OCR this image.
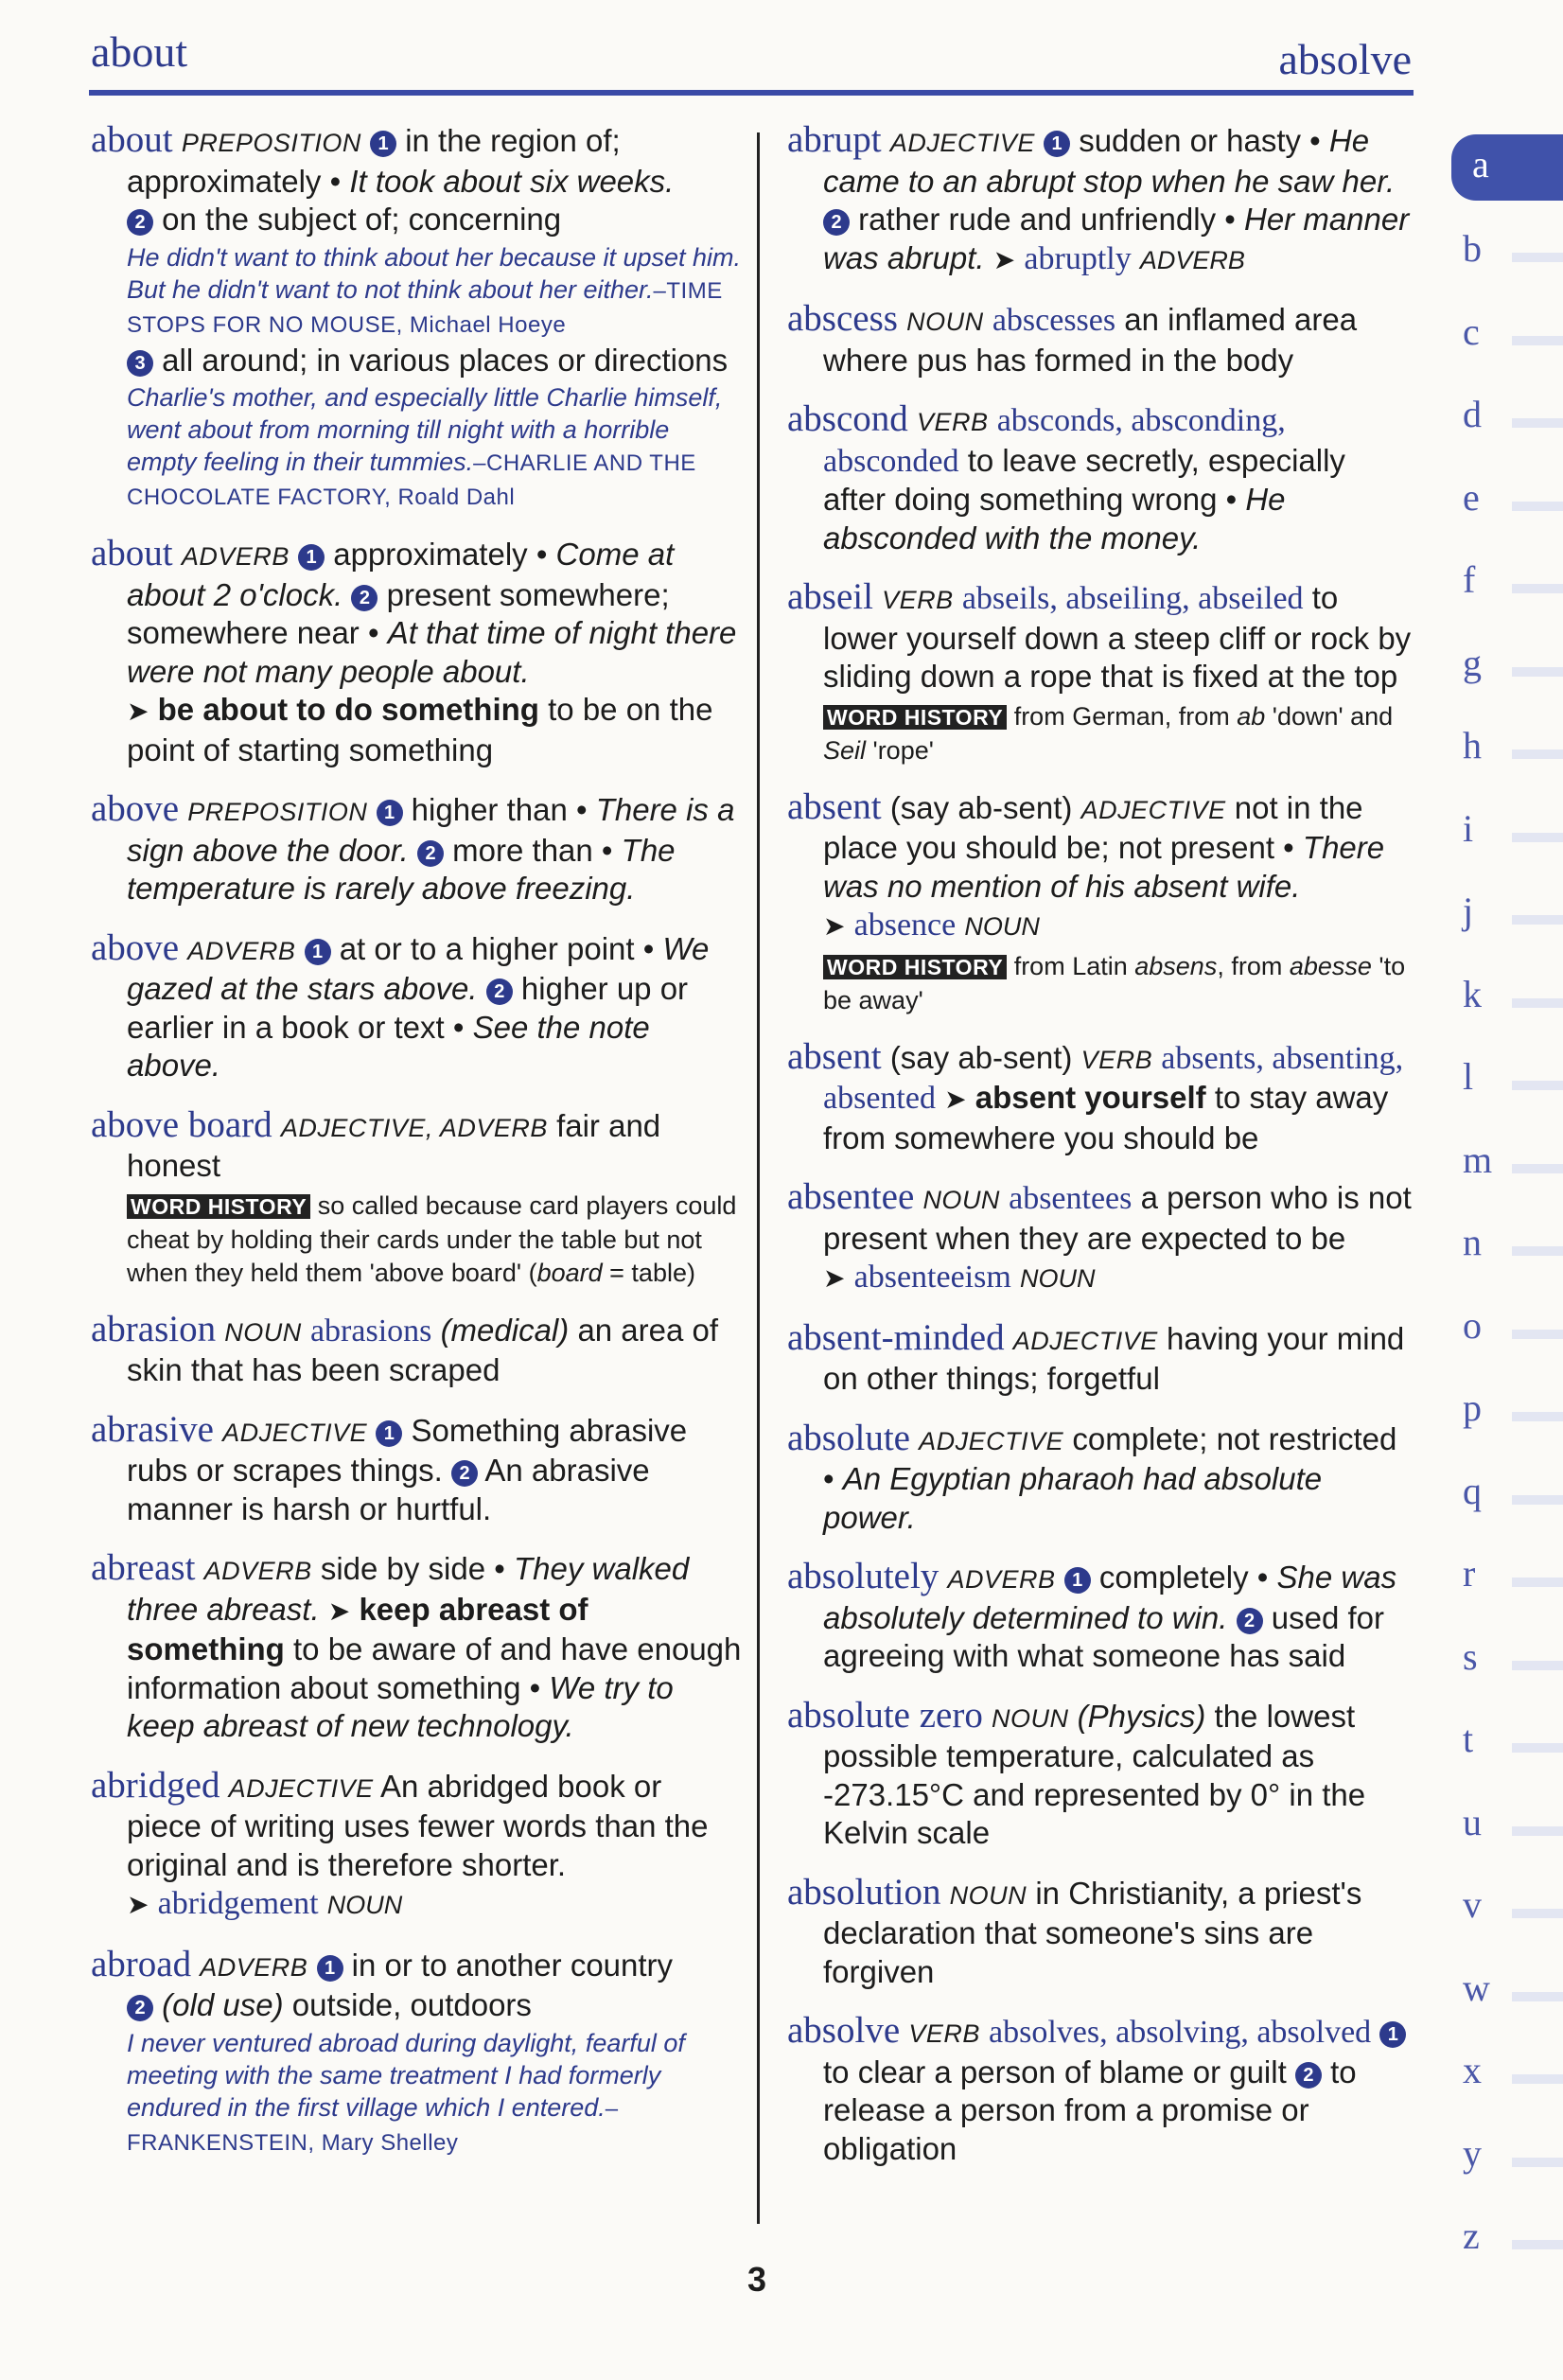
about	absolve
about PREPOSITION 1 in the region of; approximately • It took about six weeks.
2 on the subject of; concerning
He didn't want to think about her because it upset him. But he didn't want to not think about her either.–TIME STOPS FOR NO MOUSE, Michael Hoeye
3 all around; in various places or directions
Charlie's mother, and especially little Charlie himself, went about from morning till night with a horrible empty feeling in their tummies.–CHARLIE AND THE CHOCOLATE FACTORY, Roald Dahl
about ADVERB 1 approximately • Come at about 2 o'clock. 2 present somewhere; somewhere near • At that time of night there were not many people about.
➤ be about to do something to be on the point of starting something
above PREPOSITION 1 higher than • There is a sign above the door. 2 more than • The temperature is rarely above freezing.
above ADVERB 1 at or to a higher point • We gazed at the stars above. 2 higher up or earlier in a book or text • See the note above.
above board ADJECTIVE, ADVERB fair and honest
WORD HISTORY so called because card players could cheat by holding their cards under the table but not when they held them 'above board' (board = table)
abrasion NOUN abrasions (medical) an area of skin that has been scraped
abrasive ADJECTIVE 1 Something abrasive rubs or scrapes things. 2 An abrasive manner is harsh or hurtful.
abreast ADVERB side by side • They walked three abreast. ➤ keep abreast of something to be aware of and have enough information about something • We try to keep abreast of new technology.
abridged ADJECTIVE An abridged book or piece of writing uses fewer words than the original and is therefore shorter.
➤ abridgement NOUN
abroad ADVERB 1 in or to another country
2 (old use) outside, outdoors
I never ventured abroad during daylight, fearful of meeting with the same treatment I had formerly endured in the first village which I entered.–FRANKENSTEIN, Mary Shelley
abrupt ADJECTIVE 1 sudden or hasty • He came to an abrupt stop when he saw her. 2 rather rude and unfriendly • Her manner was abrupt. ➤ abruptly ADVERB
abscess NOUN abscesses an inflamed area where pus has formed in the body
abscond VERB absconds, absconding, absconded to leave secretly, especially after doing something wrong • He absconded with the money.
abseil VERB abseils, abseiling, abseiled to lower yourself down a steep cliff or rock by sliding down a rope that is fixed at the top
WORD HISTORY from German, from ab 'down' and Seil 'rope'
absent (say ab-sent) ADJECTIVE not in the place you should be; not present • There was no mention of his absent wife.
➤ absence NOUN
WORD HISTORY from Latin absens, from abesse 'to be away'
absent (say ab-sent) VERB absents, absenting, absented ➤ absent yourself to stay away from somewhere you should be
absentee NOUN absentees a person who is not present when they are expected to be
➤ absenteeism NOUN
absent-minded ADJECTIVE having your mind on other things; forgetful
absolute ADJECTIVE complete; not restricted • An Egyptian pharaoh had absolute power.
absolutely ADVERB 1 completely • She was absolutely determined to win. 2 used for agreeing with what someone has said
absolute zero NOUN (Physics) the lowest possible temperature, calculated as -273.15°C and represented by 0° in the Kelvin scale
absolution NOUN in Christianity, a priest's declaration that someone's sins are forgiven
absolve VERB absolves, absolving, absolved 1 to clear a person of blame or guilt 2 to release a person from a promise or obligation
a
b
c
d
e
f
g
h
i
j
k
l
m
n
o
p
q
r
s
t
u
v
w
x
y
z
3
